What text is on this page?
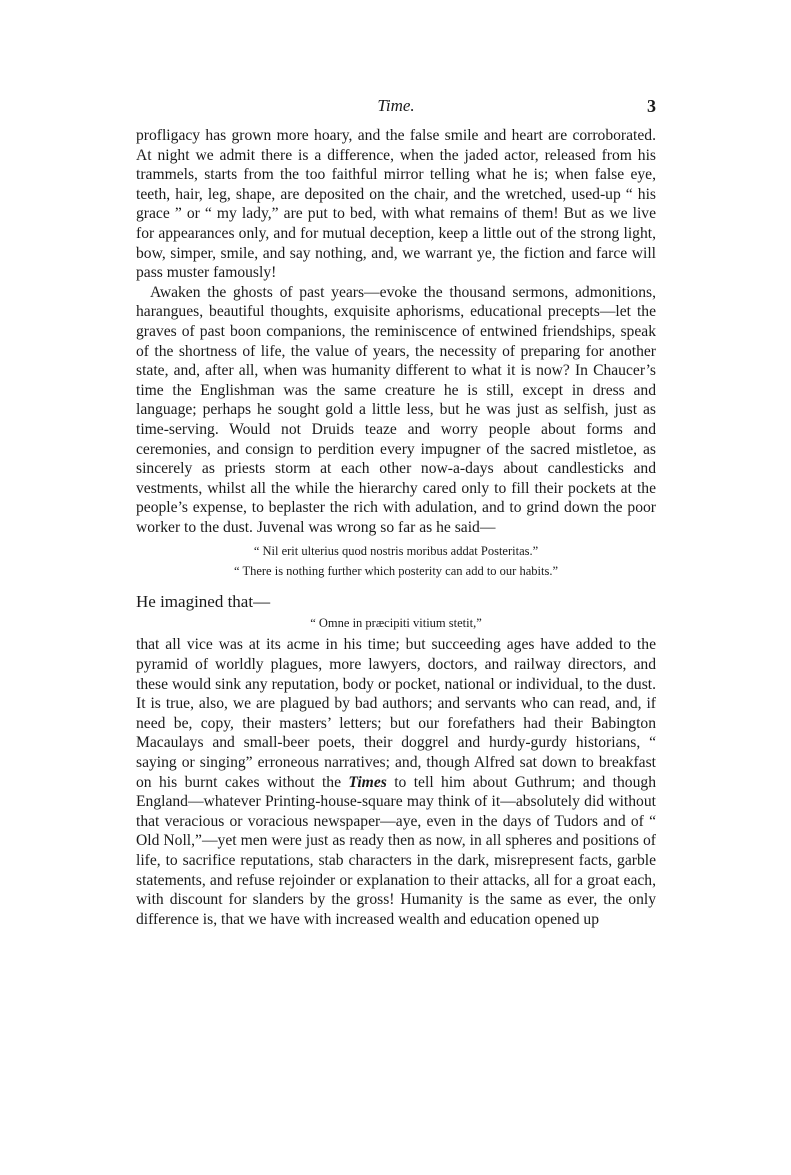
Time.	3

profligacy has grown more hoary, and the false smile and heart are corroborated. At night we admit there is a difference, when the jaded actor, released from his trammels, starts from the too faithful mirror telling what he is; when false eye, teeth, hair, leg, shape, are deposited on the chair, and the wretched, used-up “ his grace ” or “ my lady,” are put to bed, with what remains of them! But as we live for appearances only, and for mutual deception, keep a little out of the strong light, bow, simper, smile, and say nothing, and, we warrant ye, the fiction and farce will pass muster famously!

Awaken the ghosts of past years—evoke the thousand sermons, admonitions, harangues, beautiful thoughts, exquisite aphorisms, educational precepts—let the graves of past boon companions, the reminiscence of entwined friendships, speak of the shortness of life, the value of years, the necessity of preparing for another state, and, after all, when was humanity different to what it is now? In Chaucer’s time the Englishman was the same creature he is still, except in dress and language; perhaps he sought gold a little less, but he was just as selfish, just as time-serving. Would not Druids teaze and worry people about forms and ceremonies, and consign to perdition every impugner of the sacred mistletoe, as sincerely as priests storm at each other now-a-days about candlesticks and vestments, whilst all the while the hierarchy cared only to fill their pockets at the people’s expense, to beplaster the rich with adulation, and to grind down the poor worker to the dust. Juvenal was wrong so far as he said—

“ Nil erit ulterius quod nostris moribus addat Posteritas.”

“ There is nothing further which posterity can add to our habits.”

He imagined that—

“ Omne in præcipiti vitium stetit,”

that all vice was at its acme in his time; but succeeding ages have added to the pyramid of worldly plagues, more lawyers, doctors, and railway directors, and these would sink any reputation, body or pocket, national or individual, to the dust. It is true, also, we are plagued by bad authors; and servants who can read, and, if need be, copy, their masters’ letters; but our forefathers had their Babington Macaulays and small-beer poets, their doggrel and hurdy-gurdy historians, “ saying or singing” erroneous narratives; and, though Alfred sat down to breakfast on his burnt cakes without the Times to tell him about Guthrum; and though England—whatever Printing-house-square may think of it—absolutely did without that veracious or voracious newspaper—aye, even in the days of Tudors and of “ Old Noll,”—yet men were just as ready then as now, in all spheres and positions of life, to sacrifice reputations, stab characters in the dark, misrepresent facts, garble statements, and refuse rejoinder or explanation to their attacks, all for a groat each, with discount for slanders by the gross! Humanity is the same as ever, the only difference is, that we have with increased wealth and education opened up
